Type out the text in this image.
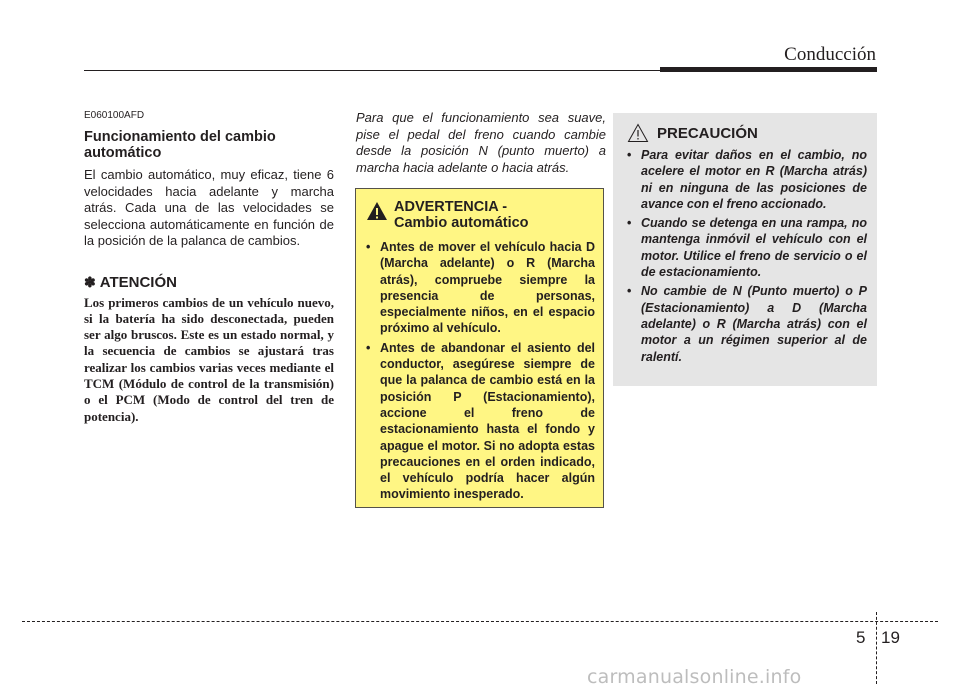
Conducción

E060100AFD

Funcionamiento del cambio automático

El cambio automático, muy eficaz, tiene 6 velocidades hacia adelante y marcha atrás. Cada una de las velocidades se selecciona automáticamente en función de la posición de la palanca de cambios.

✽ ATENCIÓN

Los primeros cambios de un vehículo nuevo, si la batería ha sido desconectada, pueden ser algo bruscos. Este es un estado normal, y la secuencia de cambios se ajustará tras realizar los cambios varias veces mediante el TCM (Módulo de control de la transmisión) o el PCM (Modo de control del tren de potencia).

Para que el funcionamiento sea suave, pise el pedal del freno cuando cambie desde la posición N (punto muerto) a marcha hacia adelante o hacia atrás.

ADVERTENCIA -
Cambio automático
• Antes de mover el vehículo hacia D (Marcha adelante) o R (Marcha atrás), compruebe siempre la presencia de personas, especialmente niños, en el espacio próximo al vehículo.
• Antes de abandonar el asiento del conductor, asegúrese siempre de que la palanca de cambio está en la posición P (Estacionamiento), accione el freno de estacionamiento hasta el fondo y apague el motor. Si no adopta estas precauciones en el orden indicado, el vehículo podría hacer algún movimiento inesperado.
PRECAUCIÓN
• Para evitar daños en el cambio, no acelere el motor en R (Marcha atrás) ni en ninguna de las posiciones de avance con el freno accionado.
• Cuando se detenga en una rampa, no mantenga inmóvil el vehículo con el motor. Utilice el freno de servicio o el de estacionamiento.
• No cambie de N (Punto muerto) o P (Estacionamiento) a D (Marcha adelante) o R (Marcha atrás) con el motor a un régimen superior al de ralentí.
5 19
carmanualsonline.info
